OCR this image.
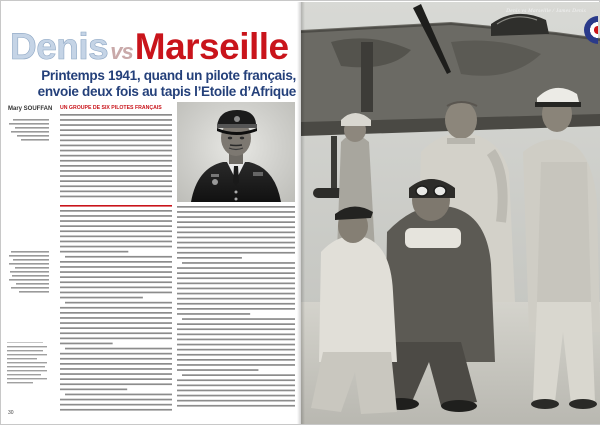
DenisvsMarseille
Printemps 1941, quand un pilote français,
envoie deux fois au tapis l’Etoile d’Afrique
Mary SOUFFAN UN GROUPE DE SIX PILOTES FRANÇAIS
30
Denis vs Marseille / James Denis
